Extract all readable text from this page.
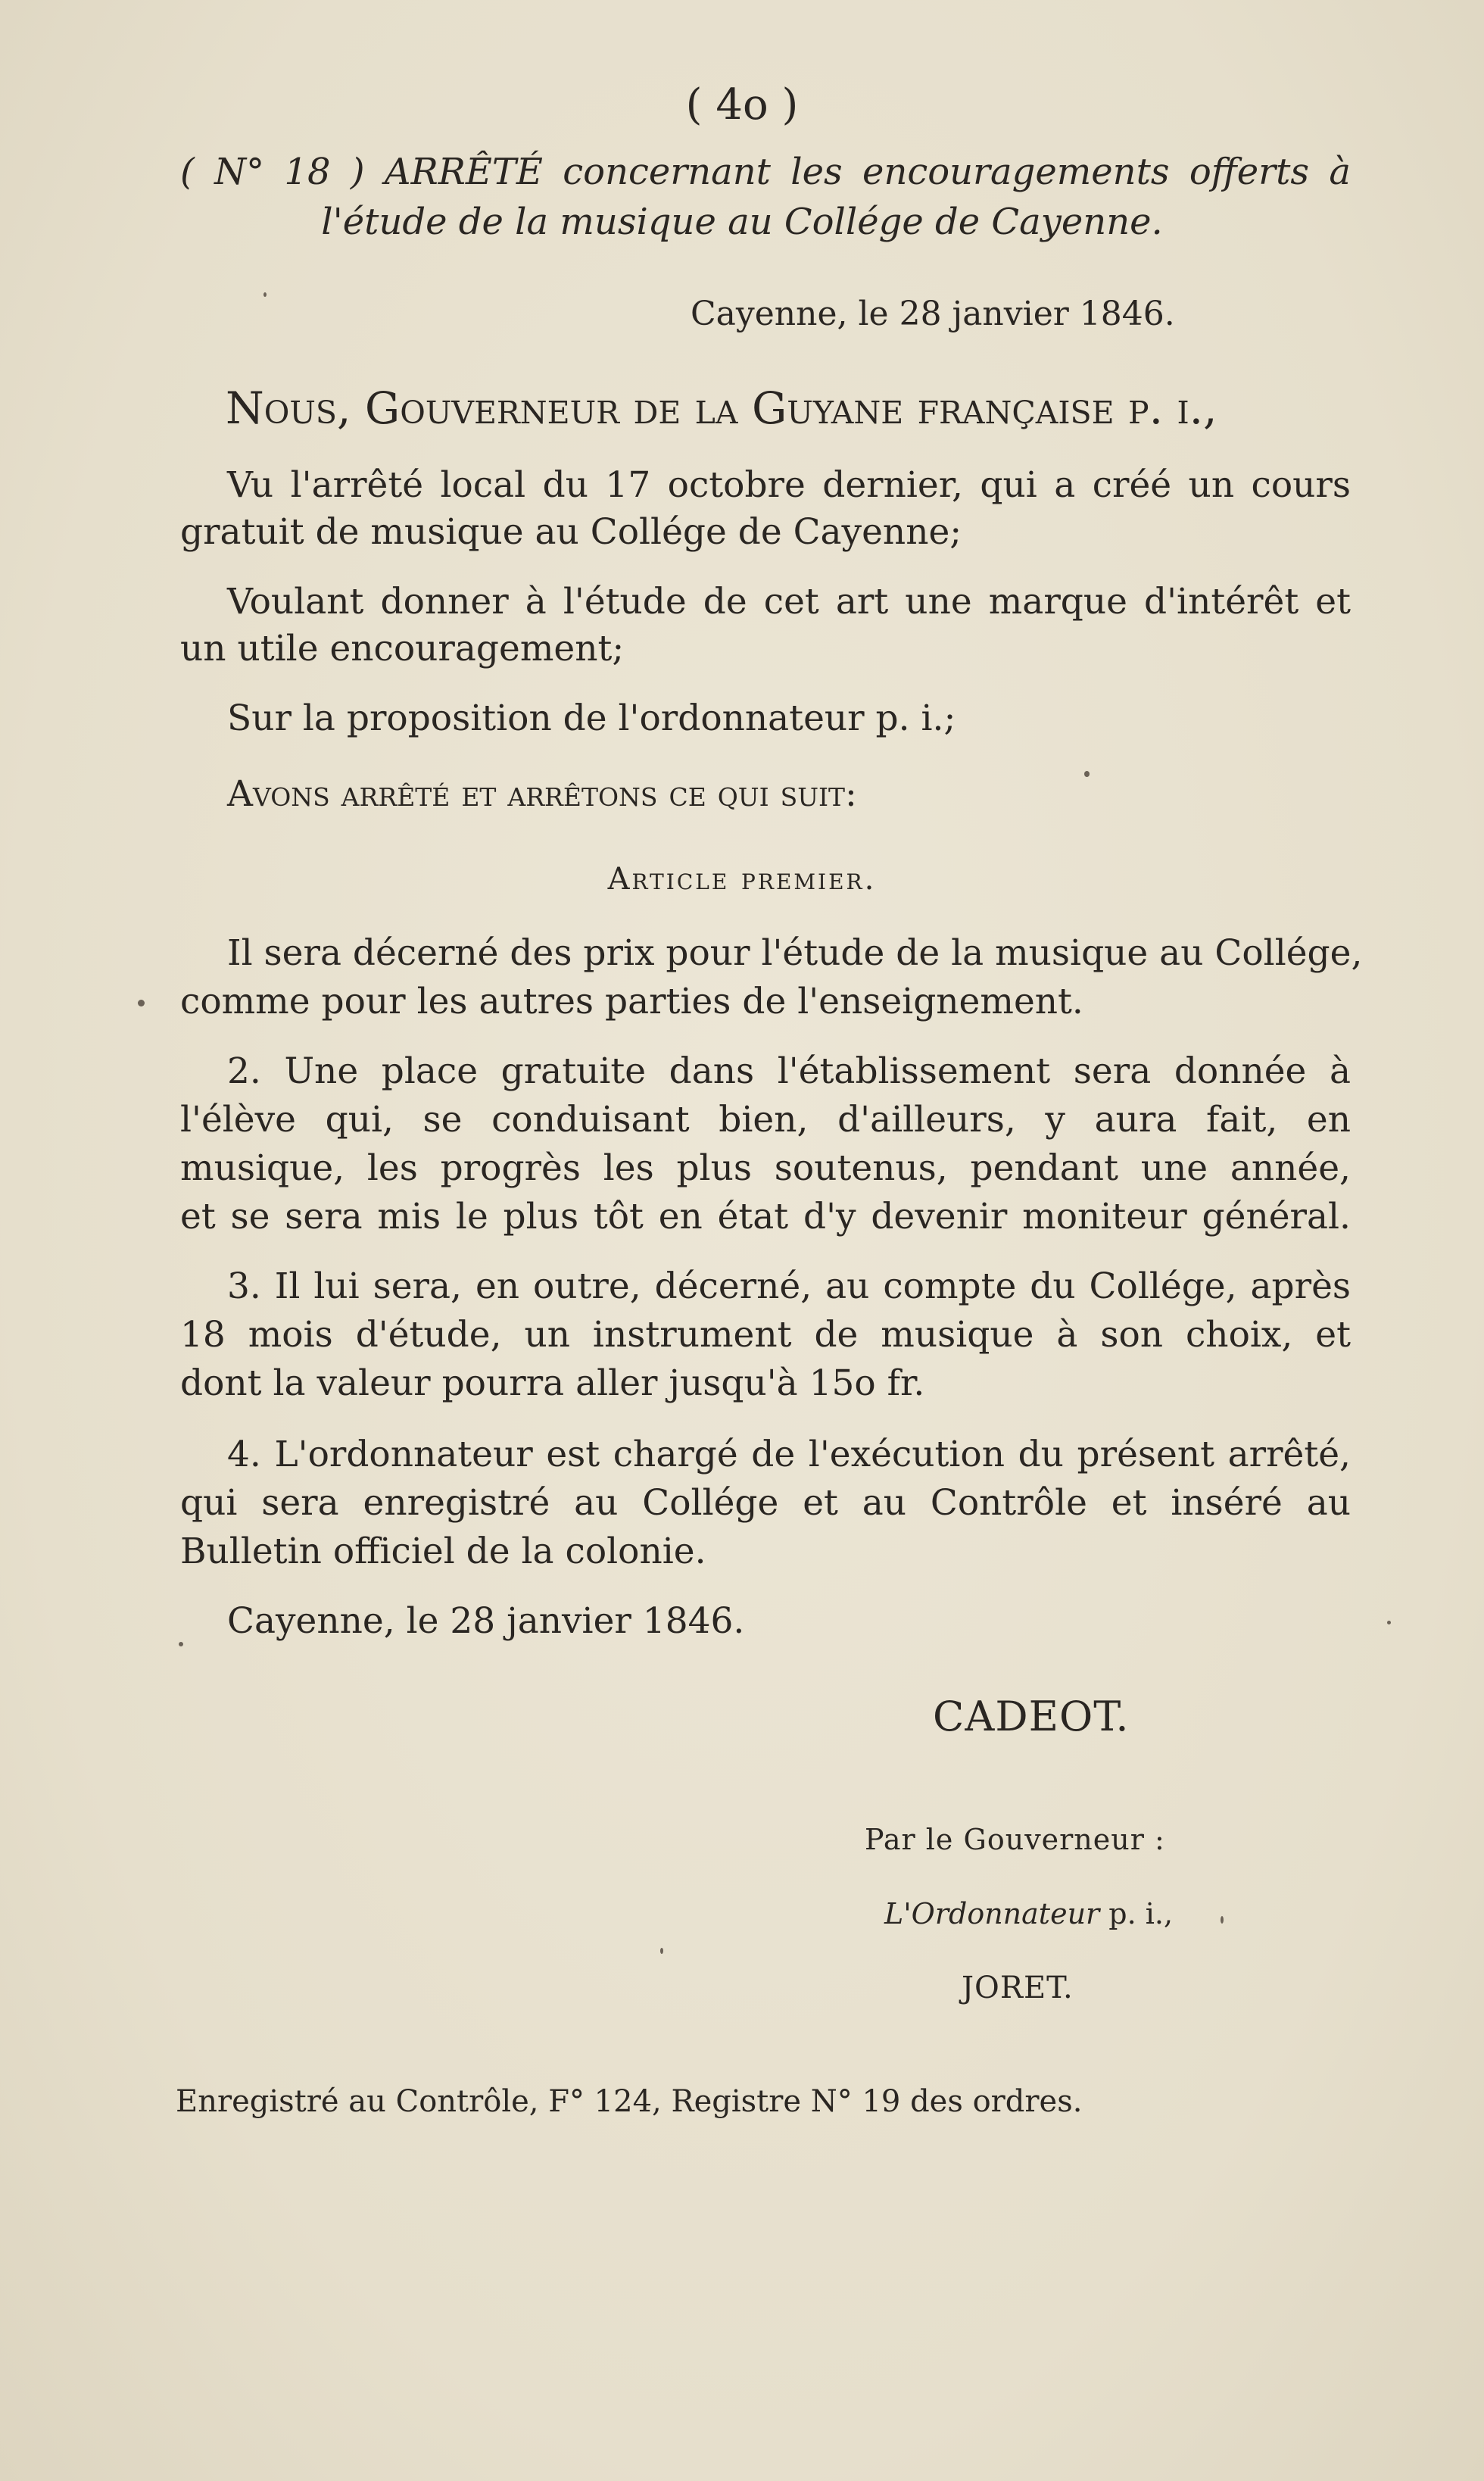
( 4o )
( N° 18 ) ARRÊTÉ concernant les encouragements offerts à
l'étude de la musique au Collége de Cayenne.
Cayenne, le 28 janvier 1846.
Nous, Gouverneur de la Guyane française p. i.,
Vu l'arrêté local du 17 octobre dernier, qui a créé un cours
gratuit de musique au Collége de Cayenne;
Voulant donner à l'étude de cet art une marque d'intérêt et
un utile encouragement;
Sur la proposition de l'ordonnateur p. i.;
Avons arrêté et arrêtons ce qui suit:
Article premier.
Il sera décerné des prix pour l'étude de la musique au Collége,
comme pour les autres parties de l'enseignement.
2. Une place gratuite dans l'établissement sera donnée à
l'élève qui, se conduisant bien, d'ailleurs, y aura fait, en
musique, les progrès les plus soutenus, pendant une année,
et se sera mis le plus tôt en état d'y devenir moniteur général.
3. Il lui sera, en outre, décerné, au compte du Collége, après
18 mois d'étude, un instrument de musique à son choix, et
dont la valeur pourra aller jusqu'à 15o fr.
4. L'ordonnateur est chargé de l'exécution du présent arrêté,
qui sera enregistré au Collége et au Contrôle et inséré au
Bulletin officiel de la colonie.
Cayenne, le 28 janvier 1846.
CADEOT.
Par le Gouverneur :
L'Ordonnateur p. i.,
JORET.
Enregistré au Contrôle, F° 124, Registre N° 19 des ordres.
